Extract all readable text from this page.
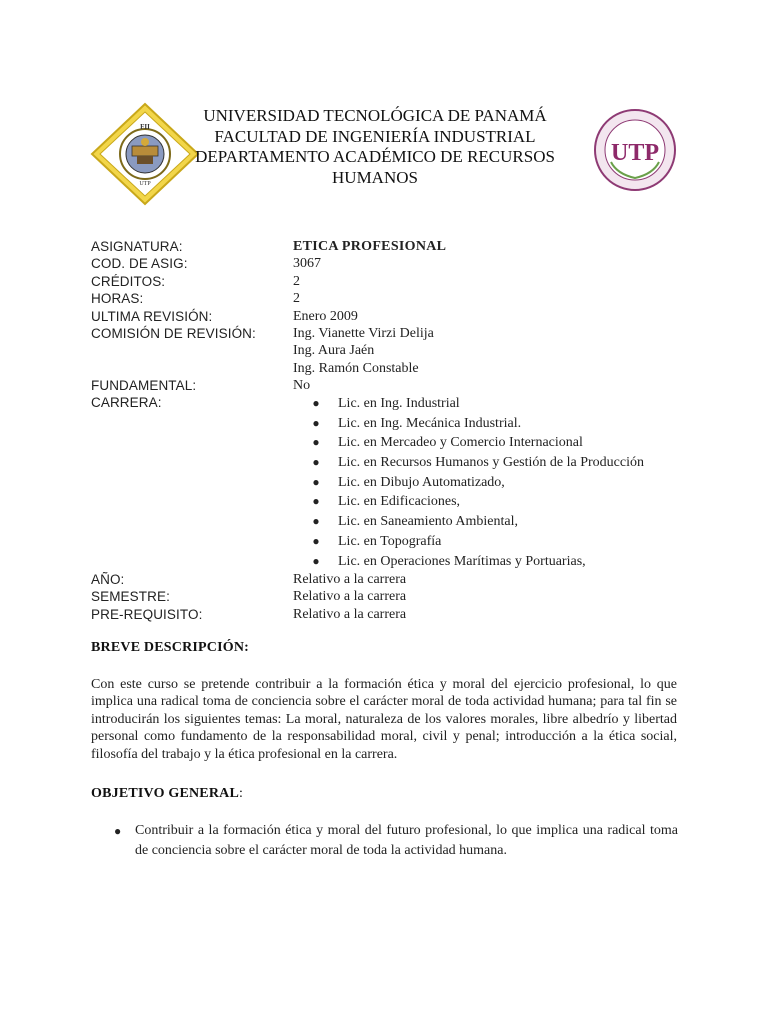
FII
UTP
UNIVERSIDAD TECNOLÓGICA DE PANAMÁ
FACULTAD DE INGENIERÍA INDUSTRIAL
DEPARTAMENTO ACADÉMICO DE RECURSOS
HUMANOS
UTP
ASIGNATURA:	ETICA PROFESIONAL
COD. DE ASIG:	3067
CRÉDITOS:	2
HORAS:	2
ULTIMA REVISIÓN:	Enero 2009
COMISIÓN DE REVISIÓN:	Ing. Vianette Virzi Delija
Ing. Aura Jaén
Ing. Ramón Constable
FUNDAMENTAL:	No
CARRERA:	● Lic. en Ing. Industrial
● Lic. en Ing. Mecánica Industrial.
● Lic. en Mercadeo y Comercio Internacional
● Lic. en Recursos Humanos y Gestión de la Producción
● Lic. en Dibujo Automatizado,
● Lic. en Edificaciones,
● Lic. en Saneamiento Ambiental,
● Lic. en Topografía
● Lic. en Operaciones Marítimas y Portuarias,
AÑO:	Relativo a la carrera
SEMESTRE:	Relativo a la carrera
PRE-REQUISITO:	Relativo a la carrera
BREVE DESCRIPCIÓN:
Con este curso se pretende contribuir a la formación ética y moral del ejercicio profesional, lo que implica una radical toma de conciencia sobre el carácter moral de toda actividad humana; para tal fin se introducirán los siguientes temas: La moral, naturaleza de los valores morales, libre albedrío y libertad personal como fundamento de la responsabilidad moral, civil y penal; introducción a la ética social, filosofía del trabajo y la ética profesional en la carrera.
OBJETIVO GENERAL:
● Contribuir a la formación ética y moral del futuro profesional, lo que implica una radical toma de conciencia sobre el carácter moral de toda la actividad humana.
